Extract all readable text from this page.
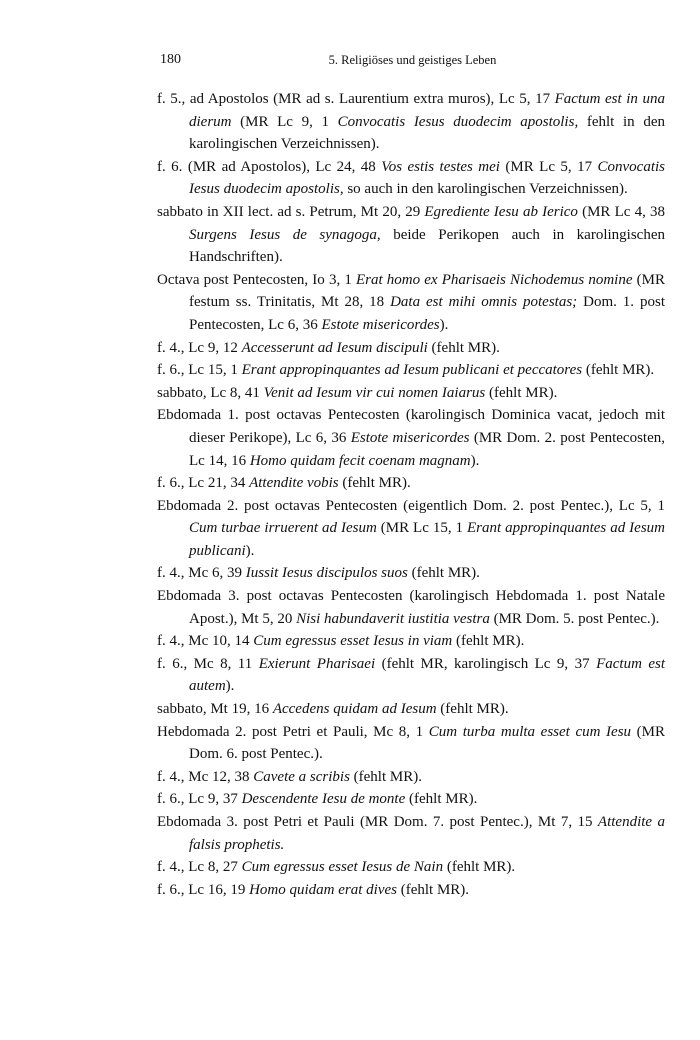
180	5. Religiöses und geistiges Leben

f. 5., ad Apostolos (MR ad s. Laurentium extra muros), Lc 5, 17 Factum est in una dierum (MR Lc 9, 1 Convocatis Iesus duodecim apostolis, fehlt in den karolingischen Verzeichnissen).

f. 6. (MR ad Apostolos), Lc 24, 48 Vos estis testes mei (MR Lc 5, 17 Convocatis Iesus duodecim apostolis, so auch in den karolingischen Verzeichnissen).

sabbato in XII lect. ad s. Petrum, Mt 20, 29 Egrediente Iesu ab Ierico (MR Lc 4, 38 Surgens Iesus de synagoga, beide Perikopen auch in karolingischen Handschriften).

Octava post Pentecosten, Io 3, 1 Erat homo ex Pharisaeis Nichodemus nomine (MR festum ss. Trinitatis, Mt 28, 18 Data est mihi omnis potestas; Dom. 1. post Pentecosten, Lc 6, 36 Estote misericordes).

f. 4., Lc 9, 12 Accesserunt ad Iesum discipuli (fehlt MR).

f. 6., Lc 15, 1 Erant appropinquantes ad Iesum publicani et peccatores (fehlt MR).

sabbato, Lc 8, 41 Venit ad Iesum vir cui nomen Iaiarus (fehlt MR).

Ebdomada 1. post octavas Pentecosten (karolingisch Dominica vacat, jedoch mit dieser Perikope), Lc 6, 36 Estote misericordes (MR Dom. 2. post Pentecosten, Lc 14, 16 Homo quidam fecit coenam magnam).

f. 6., Lc 21, 34 Attendite vobis (fehlt MR).

Ebdomada 2. post octavas Pentecosten (eigentlich Dom. 2. post Pentec.), Lc 5, 1 Cum turbae irruerent ad Iesum (MR Lc 15, 1 Erant appropinquantes ad Iesum publicani).

f. 4., Mc 6, 39 Iussit Iesus discipulos suos (fehlt MR).

Ebdomada 3. post octavas Pentecosten (karolingisch Hebdomada 1. post Natale Apost.), Mt 5, 20 Nisi habundaverit iustitia vestra (MR Dom. 5. post Pentec.).

f. 4., Mc 10, 14 Cum egressus esset Iesus in viam (fehlt MR).

f. 6., Mc 8, 11 Exierunt Pharisaei (fehlt MR, karolingisch Lc 9, 37 Factum est autem).

sabbato, Mt 19, 16 Accedens quidam ad Iesum (fehlt MR).

Hebdomada 2. post Petri et Pauli, Mc 8, 1 Cum turba multa esset cum Iesu (MR Dom. 6. post Pentec.).

f. 4., Mc 12, 38 Cavete a scribis (fehlt MR).

f. 6., Lc 9, 37 Descendente Iesu de monte (fehlt MR).

Ebdomada 3. post Petri et Pauli (MR Dom. 7. post Pentec.), Mt 7, 15 Attendite a falsis prophetis.

f. 4., Lc 8, 27 Cum egressus esset Iesus de Nain (fehlt MR).

f. 6., Lc 16, 19 Homo quidam erat dives (fehlt MR).
